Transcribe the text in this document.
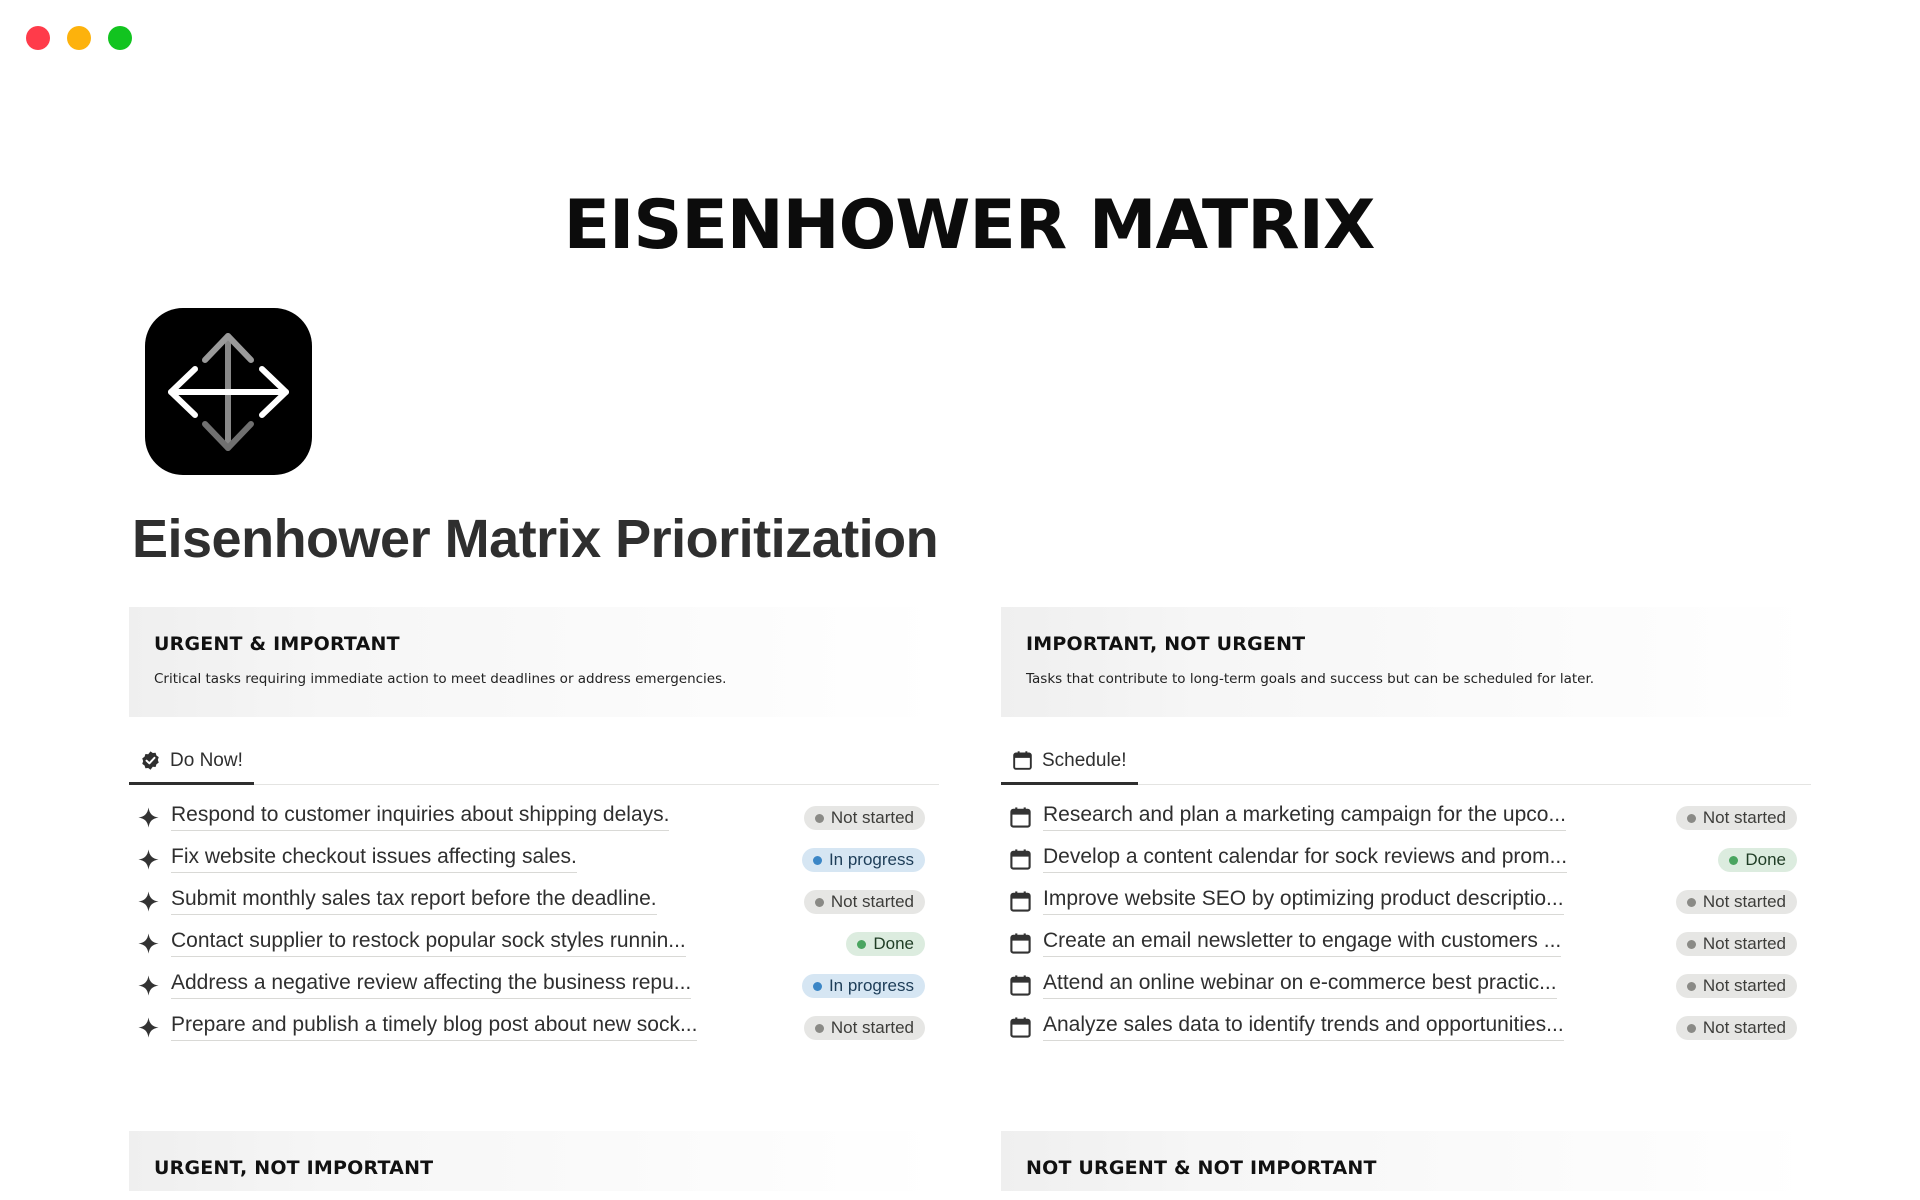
EISENHOWER MATRIX
Eisenhower Matrix Prioritization
URGENT & IMPORTANT
Critical tasks requiring immediate action to meet deadlines or address emergencies.
Do Now!
Respond to customer inquiries about shipping delays.	Not started
Fix website checkout issues affecting sales.	In progress
Submit monthly sales tax report before the deadline.	Not started
Contact supplier to restock popular sock styles runnin...	Done
Address a negative review affecting the business repu...	In progress
Prepare and publish a timely blog post about new sock...	Not started
IMPORTANT, NOT URGENT
Tasks that contribute to long-term goals and success but can be scheduled for later.
Schedule!
Research and plan a marketing campaign for the upco...	Not started
Develop a content calendar for sock reviews and prom...	Done
Improve website SEO by optimizing product descriptio...	Not started
Create an email newsletter to engage with customers ...	Not started
Attend an online webinar on e-commerce best practic...	Not started
Analyze sales data to identify trends and opportunities...	Not started
URGENT, NOT IMPORTANT	NOT URGENT & NOT IMPORTANT
